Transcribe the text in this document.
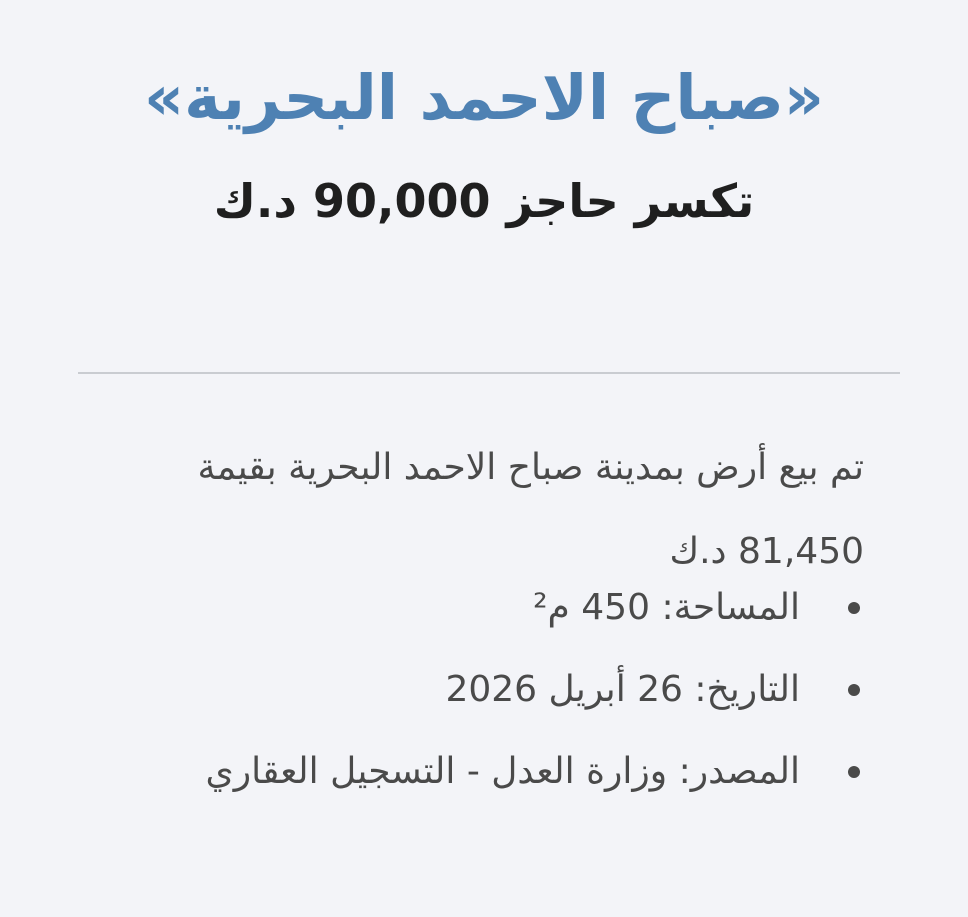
«صباح الاحمد البحرية»
تكسر حاجز 90,000 د.ك
تم بيع أرض بمدينة صباح الاحمد البحرية بقيمة 81,450 د.ك
المساحة: 450 م²
التاريخ: 26 أبريل 2026
المصدر: وزارة العدل - التسجيل العقاري
